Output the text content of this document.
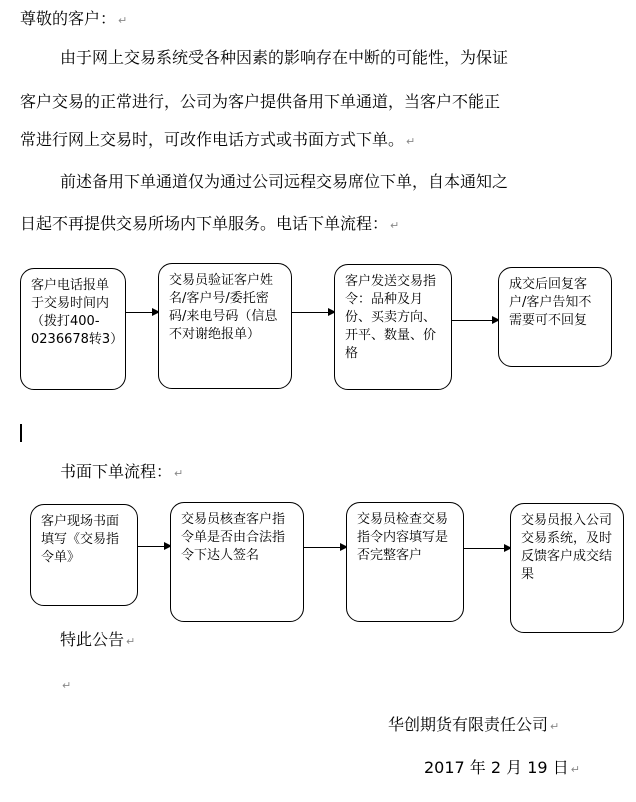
尊敬的客户： ↵
由于网上交易系统受各种因素的影响存在中断的可能性，为保证
客户交易的正常进行，公司为客户提供备用下单通道，当客户不能正
常进行网上交易时，可改作电话方式或书面方式下单。 ↵
前述备用下单通道仅为通过公司远程交易席位下单，自本通知之
日起不再提供交易所场内下单服务。电话下单流程： ↵
客户电话报单于交易时间内（拨打400-0236678转3）
交易员验证客户姓名/客户号/委托密码/来电号码（信息不对谢绝报单）
客户发送交易指令：品种及月份、买卖方向、开平、数量、价格
成交后回复客户/客户告知不需要可不回复
书面下单流程： ↵
客户现场书面填写《交易指令单》
交易员核查客户指令单是否由合法指令下达人签名
交易员检查交易指令内容填写是否完整客户
交易员报入公司交易系统，及时反馈客户成交结果
特此公告 ↵
↵
华创期货有限责任公司 ↵
2017 年 2 月 19 日 ↵
